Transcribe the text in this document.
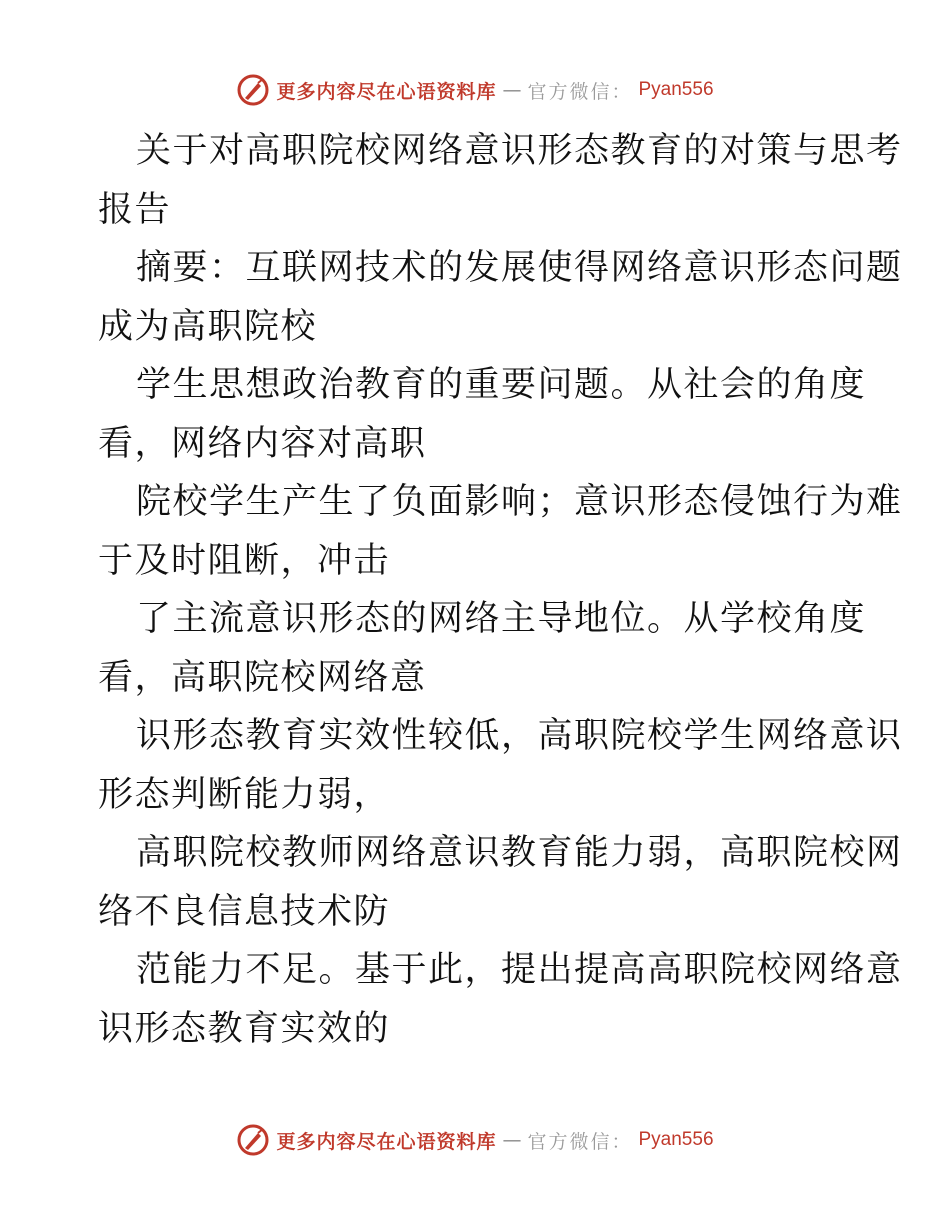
更多内容尽在心语资料库 — 官方微信： Pyan556
关于对高职院校网络意识形态教育的对策与思考
报告
摘要：互联网技术的发展使得网络意识形态问题
成为高职院校
学生思想政治教育的重要问题。从社会的角度
看，网络内容对高职
院校学生产生了负面影响；意识形态侵蚀行为难
于及时阻断，冲击
了主流意识形态的网络主导地位。从学校角度
看，高职院校网络意
识形态教育实效性较低，高职院校学生网络意识
形态判断能力弱，
高职院校教师网络意识教育能力弱，高职院校网
络不良信息技术防
范能力不足。基于此，提出提高高职院校网络意
识形态教育实效的
更多内容尽在心语资料库 — 官方微信： Pyan556
